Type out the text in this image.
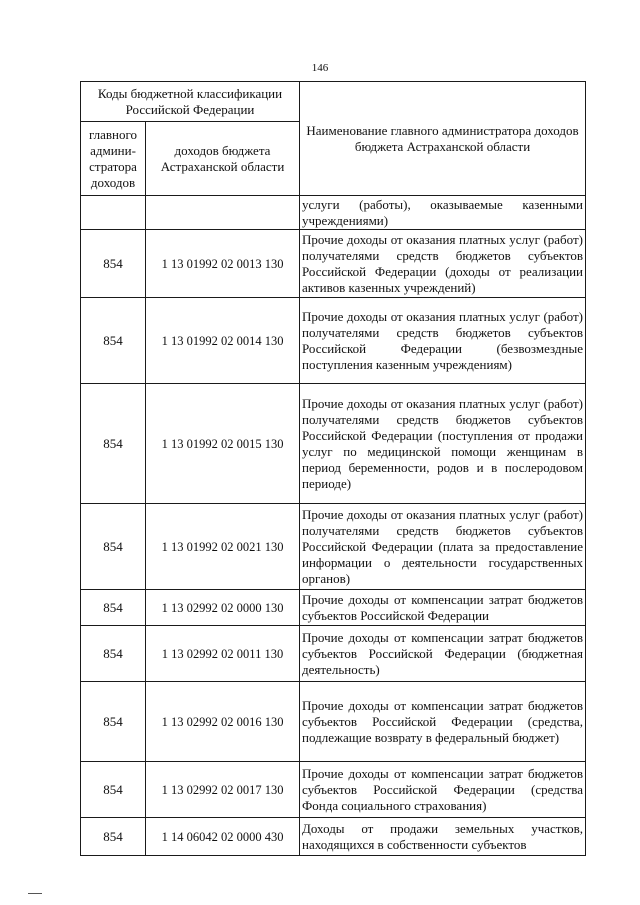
146
Коды бюджетной классификации Российской Федерации		Наименование главного администратора доходов бюджета Астраханской области
главного админи-стратора доходов	доходов бюджета Астраханской области	
		услуги (работы), оказываемые казенными учреждениями)
854	1 13 01992 02 0013 130	Прочие доходы от оказания платных услуг (работ) получателями средств бюджетов субъектов Российской Федерации (доходы от реализации активов казенных учреждений)
854	1 13 01992 02 0014 130	Прочие доходы от оказания платных услуг (работ) получателями средств бюджетов субъектов Российской Федерации (безвозмездные поступления казенным учреждениям)
854	1 13 01992 02 0015 130	Прочие доходы от оказания платных услуг (работ) получателями средств бюджетов субъектов Российской Федерации (поступления от продажи услуг по медицинской помощи женщинам в период беременности, родов и в послеродовом периоде)
854	1 13 01992 02 0021 130	Прочие доходы от оказания платных услуг (работ) получателями средств бюджетов субъектов Российской Федерации (плата за предоставление информации о деятельности государственных органов)
854	1 13 02992 02 0000 130	Прочие доходы от компенсации затрат бюджетов субъектов Российской Федерации
854	1 13 02992 02 0011 130	Прочие доходы от компенсации затрат бюджетов субъектов Российской Федерации (бюджетная деятельность)
854	1 13 02992 02 0016 130	Прочие доходы от компенсации затрат бюджетов субъектов Российской Федерации (средства, подлежащие возврату в федеральный бюджет)
854	1 13 02992 02 0017 130	Прочие доходы от компенсации затрат бюджетов субъектов Российской Федерации (средства Фонда социального страхования)
854	1 14 06042 02 0000 430	Доходы от продажи земельных участков, находящихся в собственности субъектов
